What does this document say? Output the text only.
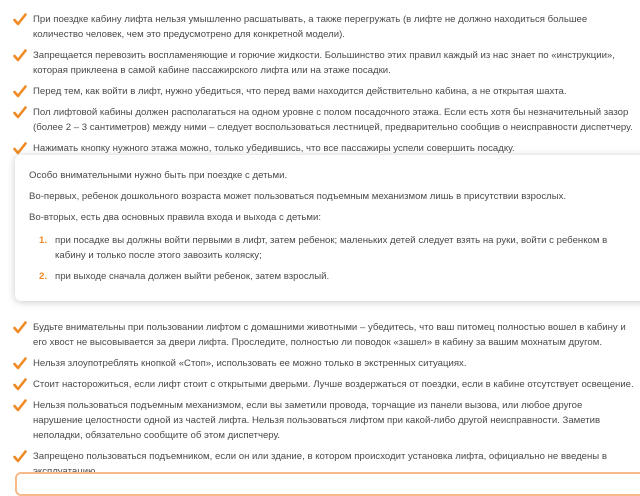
При поездке кабину лифта нельзя умышленно расшатывать, а также перегружать (в лифте не должно находиться большее количество человек, чем это предусмотрено для конкретной модели).
Запрещается перевозить воспламеняющие и горючие жидкости. Большинство этих правил каждый из нас знает по «инструкции», которая приклеена в самой кабине пассажирского лифта или на этаже посадки.
Перед тем, как войти в лифт, нужно убедиться, что перед вами находится действительно кабина, а не открытая шахта.
Пол лифтовой кабины должен располагаться на одном уровне с полом посадочного этажа. Если есть хотя бы незначительный зазор (более 2 – 3 сантиметров) между ними – следует воспользоваться лестницей, предварительно сообщив о неисправности диспетчеру.
Нажимать кнопку нужного этажа можно, только убедившись, что все пассажиры успели совершить посадку.

Особо внимательными нужно быть при поездке с детьми.

Во-первых, ребенок дошкольного возраста может пользоваться подъемным механизмом лишь в присутствии взрослых.

Во-вторых, есть два основных правила входа и выхода с детьми:

1. при посадке вы должны войти первыми в лифт, затем ребенок; маленьких детей следует взять на руки, войти с ребенком в кабину и только после этого завозить коляску;
2. при выходе сначала должен выйти ребенок, затем взрослый.
Будьте внимательны при пользовании лифтом с домашними животными – убедитесь, что ваш питомец полностью вошел в кабину и его хвост не высовывается за двери лифта. Проследите, полностью ли поводок «зашел» в кабину за вашим мохнатым другом.
Нельзя злоупотреблять кнопкой «Стоп», использовать ее можно только в экстренных ситуациях.
Стоит насторожиться, если лифт стоит с открытыми дверьми. Лучше воздержаться от поездки, если в кабине отсутствует освещение.
Нельзя пользоваться подъемным механизмом, если вы заметили провода, торчащие из панели вызова, или любое другое нарушение целостности одной из частей лифта. Нельзя пользоваться лифтом при какой-либо другой неисправности. Заметив неполадки, обязательно сообщите об этом диспетчеру.
Запрещено пользоваться подъемником, если он или здание, в котором происходит установка лифта, официально не введены в
